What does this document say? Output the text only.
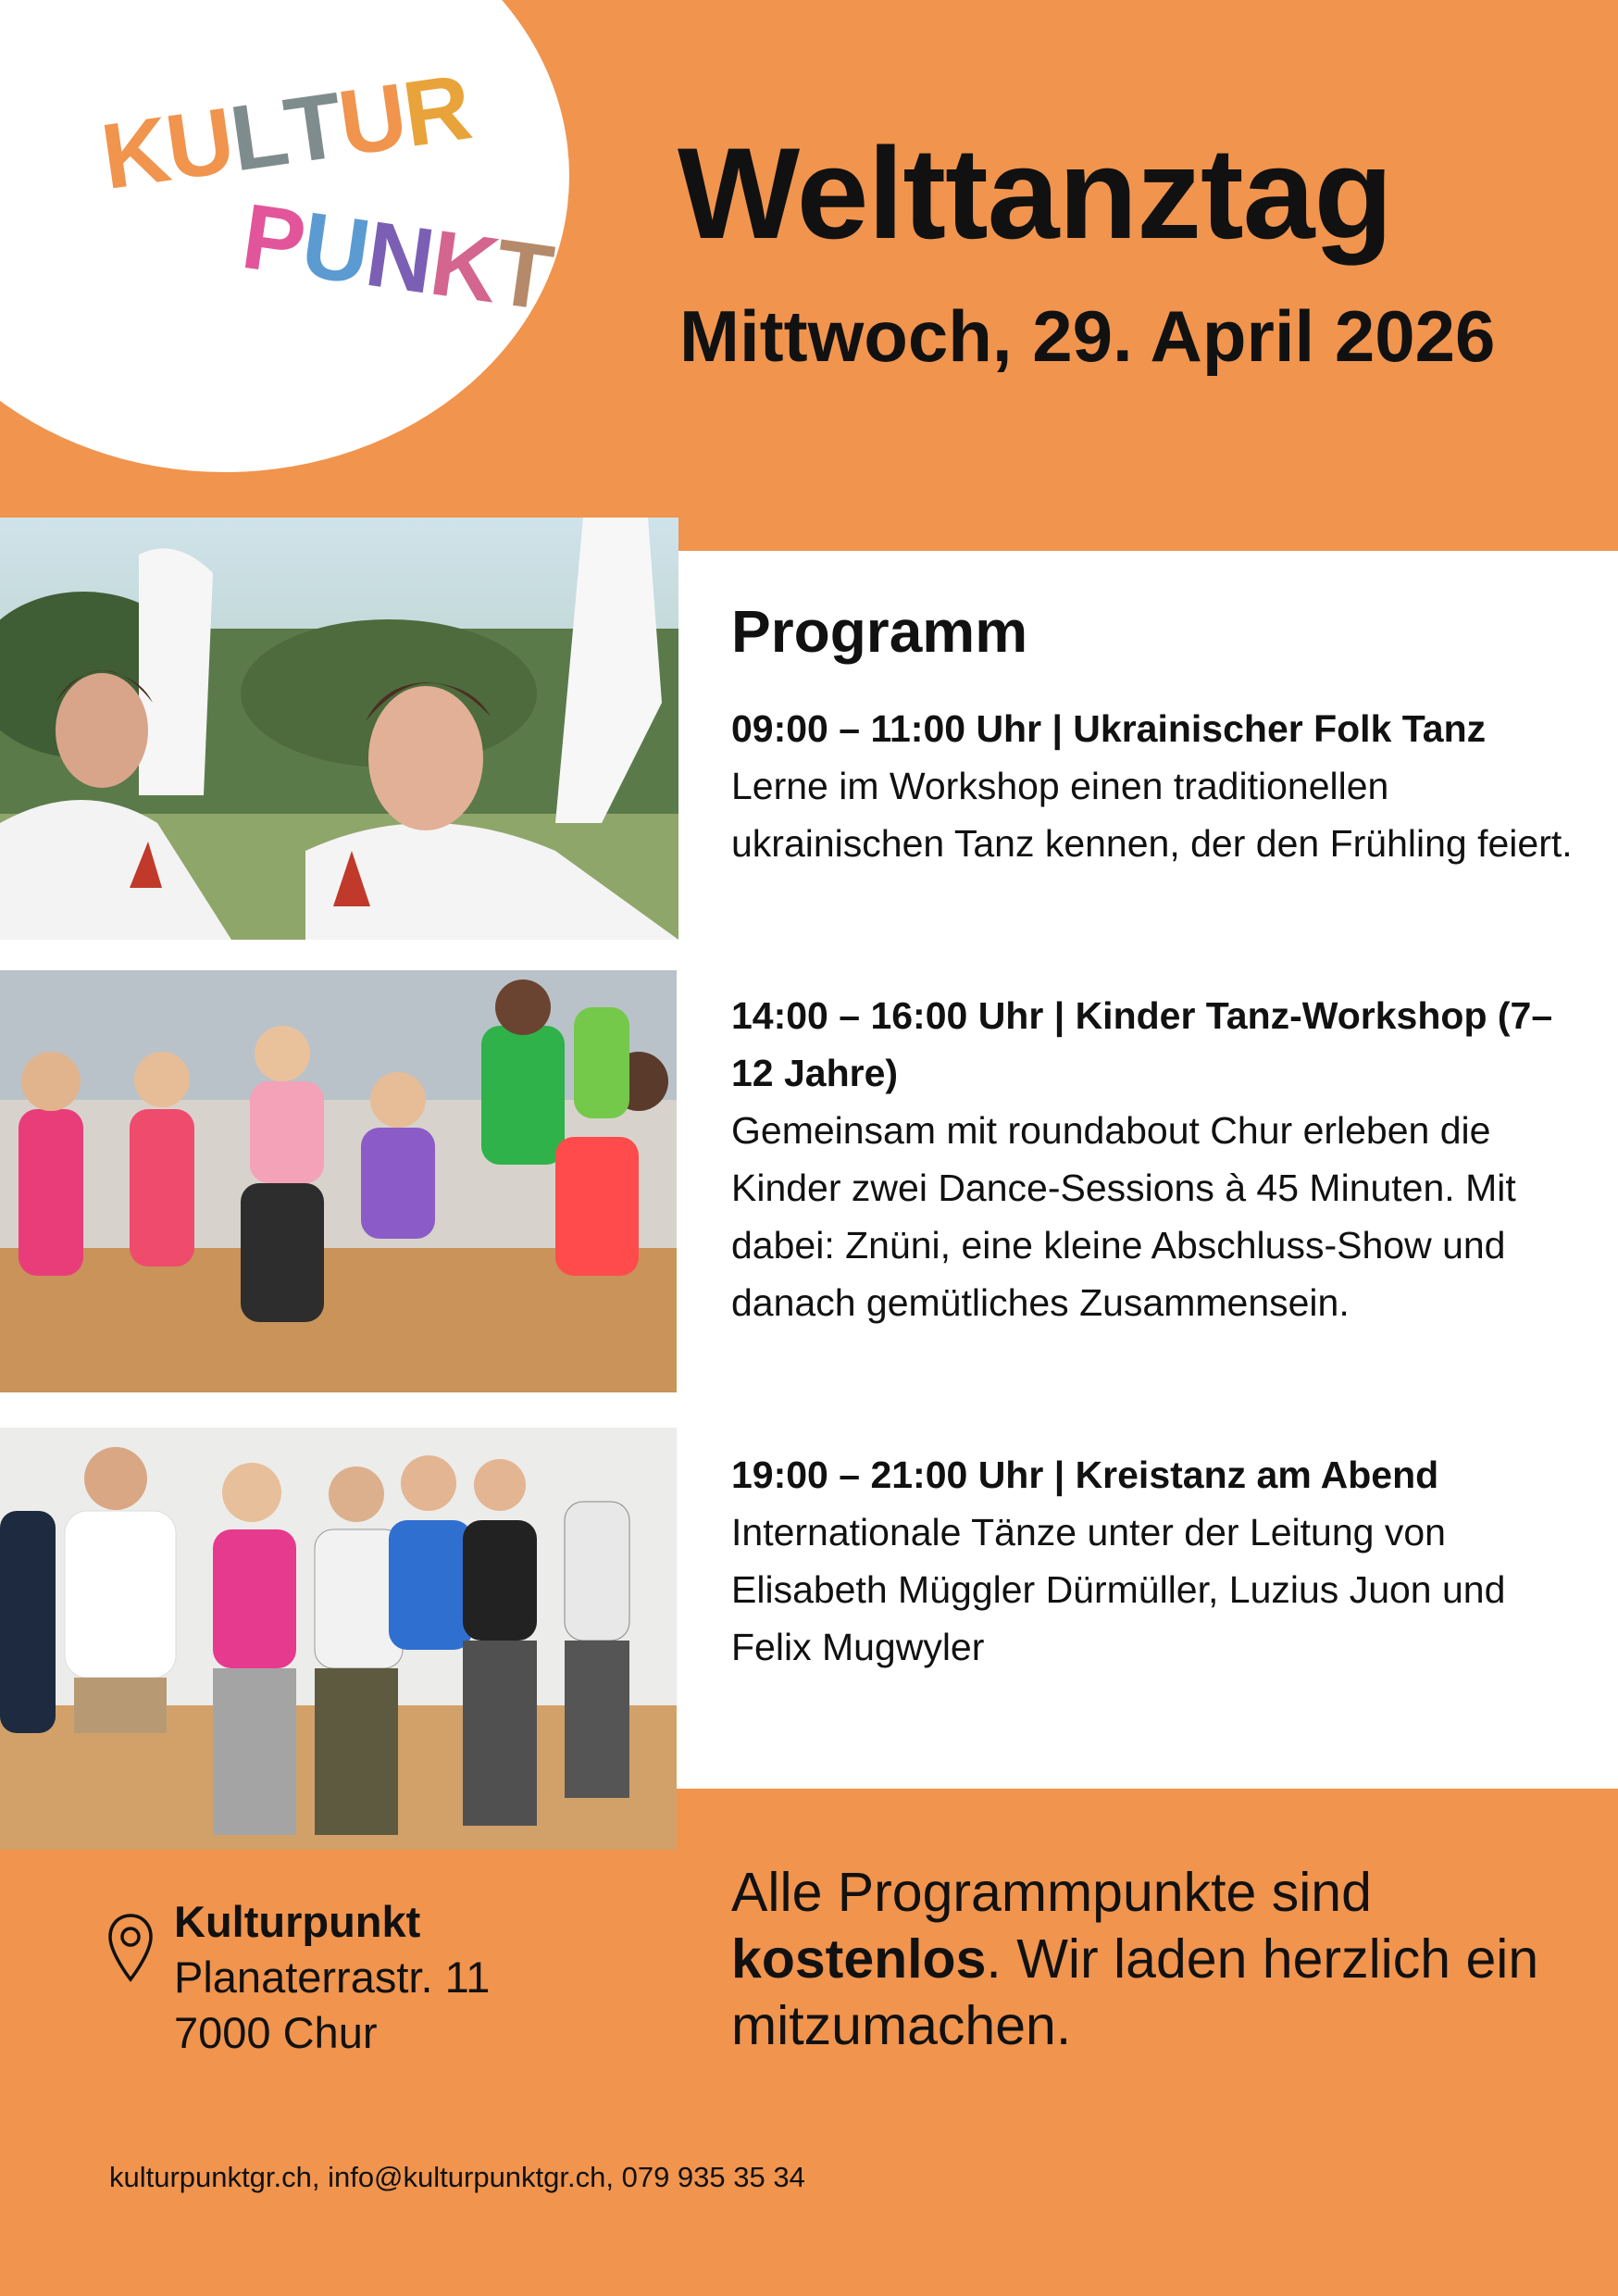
KULTUR
PUNKT
Welttanztag
Mittwoch, 29. April 2026
Programm
09:00 – 11:00 Uhr | Ukrainischer Folk Tanz
Lerne im Workshop einen traditionellen ukrainischen Tanz kennen, der den Frühling feiert.
14:00 – 16:00 Uhr | Kinder Tanz-Workshop (7–12 Jahre)
Gemeinsam mit roundabout Chur erleben die Kinder zwei Dance-Sessions à 45 Minuten. Mit dabei: Znüni, eine kleine Abschluss-Show und danach gemütliches Zusammensein.
19:00 – 21:00 Uhr | Kreistanz am Abend
Internationale Tänze unter der Leitung von Elisabeth Müggler Dürmüller, Luzius Juon und Felix Mugwyler
Kulturpunkt
Planaterrastr. 11
7000 Chur
Alle Programmpunkte sind
kostenlos. Wir laden herzlich ein mitzumachen.
kulturpunktgr.ch, info@kulturpunktgr.ch, 079 935 35 34
